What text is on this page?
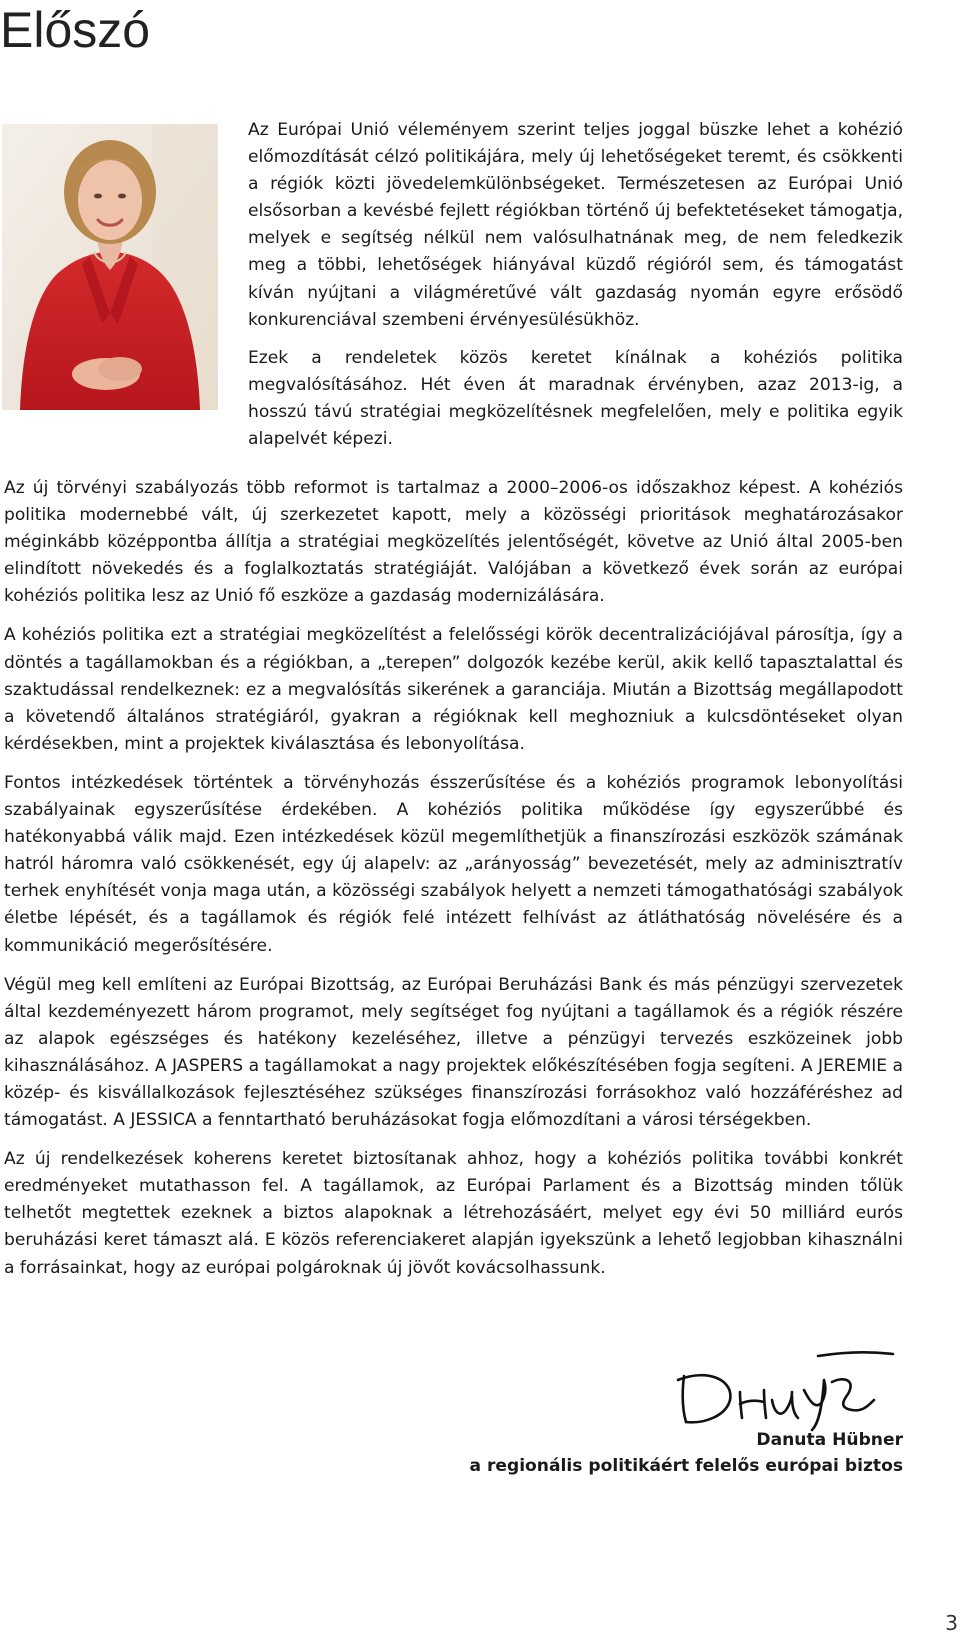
Előszó

Az Európai Unió véleményem szerint teljes joggal büszke lehet a kohézió előmozdítását célzó politikájára, mely új lehetőségeket teremt, és csökkenti a régiók közti jövedelemkülönbségeket. Természetesen az Európai Unió elsősorban a kevésbé fejlett régiókban történő új befektetéseket támogatja, melyek e segítség nélkül nem valósulhatnának meg, de nem feledkezik meg a többi, lehetőségek hiányával küzdő régióról sem, és támogatást kíván nyújtani a világméretűvé vált gazdaság nyomán egyre erősödő konkurenciával szembeni érvényesülésükhöz.

Ezek a rendeletek közös keretet kínálnak a kohéziós politika megvalósításához. Hét éven át maradnak érvényben, azaz 2013-ig, a hosszú távú stratégiai megközelítésnek megfelelően, mely e politika egyik alapelvét képezi.

Az új törvényi szabályozás több reformot is tartalmaz a 2000–2006-os időszakhoz képest. A kohéziós politika modernebbé vált, új szerkezetet kapott, mely a közösségi prioritások meghatározásakor méginkább középpontba állítja a stratégiai megközelítés jelentőségét, követve az Unió által 2005-ben elindított növekedés és a foglalkoztatás stratégiáját. Valójában a következő évek során az európai kohéziós politika lesz az Unió fő eszköze a gazdaság modernizálására.

A kohéziós politika ezt a stratégiai megközelítést a felelősségi körök decentralizációjával párosítja, így a döntés a tagállamokban és a régiókban, a „terepen” dolgozók kezébe kerül, akik kellő tapasztalattal és szaktudással rendelkeznek: ez a megvalósítás sikerének a garanciája. Miután a Bizottság megállapodott a követendő általános stratégiáról, gyakran a régióknak kell meghozniuk a kulcsdöntéseket olyan kérdésekben, mint a projektek kiválasztása és lebonyolítása.

Fontos intézkedések történtek a törvényhozás ésszerűsítése és a kohéziós programok lebonyolítási szabályainak egyszerűsítése érdekében. A kohéziós politika működése így egyszerűbbé és hatékonyabbá válik majd. Ezen intézkedések közül megemlíthetjük a finanszírozási eszközök számának hatról háromra való csökkenését, egy új alapelv: az „arányosság” bevezetését, mely az adminisztratív terhek enyhítését vonja maga után, a közösségi szabályok helyett a nemzeti támogathatósági szabályok életbe lépését, és a tagállamok és régiók felé intézett felhívást az átláthatóság növelésére és a kommunikáció megerősítésére.

Végül meg kell említeni az Európai Bizottság, az Európai Beruházási Bank és más pénzügyi szervezetek által kezdeményezett három programot, mely segítséget fog nyújtani a tagállamok és a régiók részére az alapok egészséges és hatékony kezeléséhez, illetve a pénzügyi tervezés eszközeinek jobb kihasználásához. A JASPERS a tagállamokat a nagy projektek előkészítésében fogja segíteni. A JEREMIE a közép- és kisvállalkozások fejlesztéséhez szükséges finanszírozási forrásokhoz való hozzáféréshez ad támogatást. A JESSICA a fenntartható beruházásokat fogja előmozdítani a városi térségekben.

Az új rendelkezések koherens keretet biztosítanak ahhoz, hogy a kohéziós politika további konkrét eredményeket mutathasson fel. A tagállamok, az Európai Parlament és a Bizottság minden tőlük telhetőt megtettek ezeknek a biztos alapoknak a létrehozásáért, melyet egy évi 50 milliárd eurós beruházási keret támaszt alá. E közös referenciakeret alapján igyekszünk a lehető legjobban kihasználni a forrásainkat, hogy az európai polgároknak új jövőt kovácsolhassunk.

Danuta Hübner

a regionális politikáért felelős európai biztos

3
